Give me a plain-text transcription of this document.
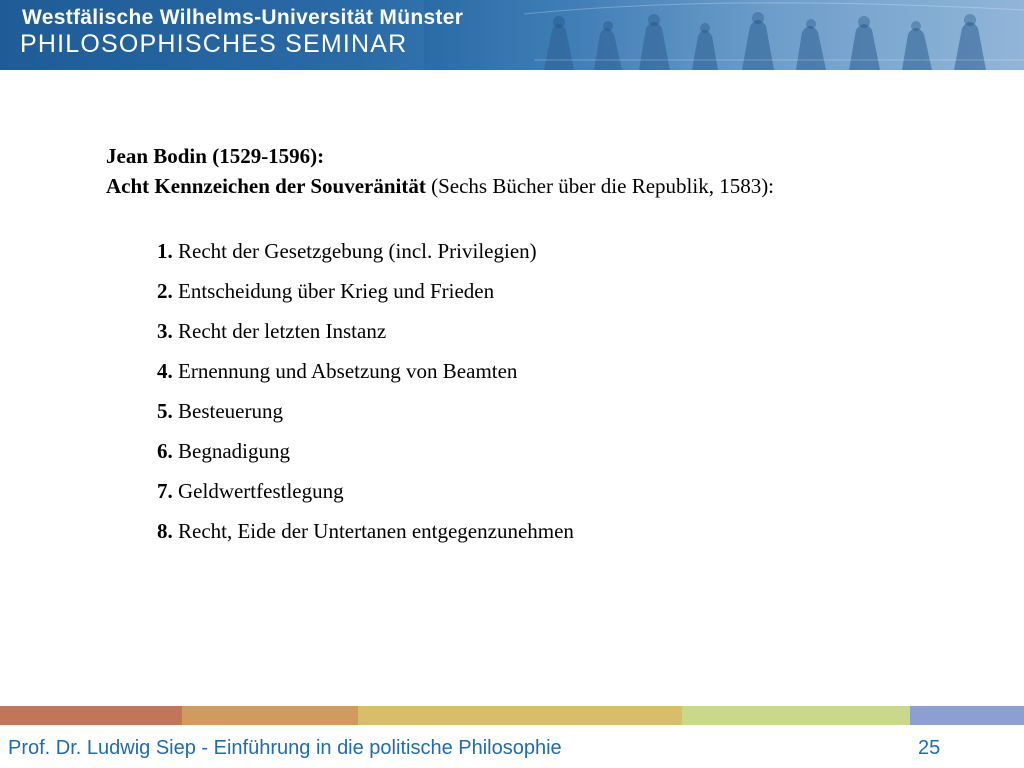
Westfälische Wilhelms-Universität Münster
PHILOSOPHISCHES SEMINAR
Jean Bodin (1529-1596):
Acht Kennzeichen der Souveränität (Sechs Bücher über die Republik, 1583):
1. Recht der Gesetzgebung (incl. Privilegien)
2. Entscheidung über Krieg und Frieden
3. Recht der letzten Instanz
4. Ernennung und Absetzung von Beamten
5. Besteuerung
6. Begnadigung
7. Geldwertfestlegung
8. Recht, Eide der Untertanen entgegenzunehmen
Prof. Dr. Ludwig Siep - Einführung in die politische Philosophie	25
